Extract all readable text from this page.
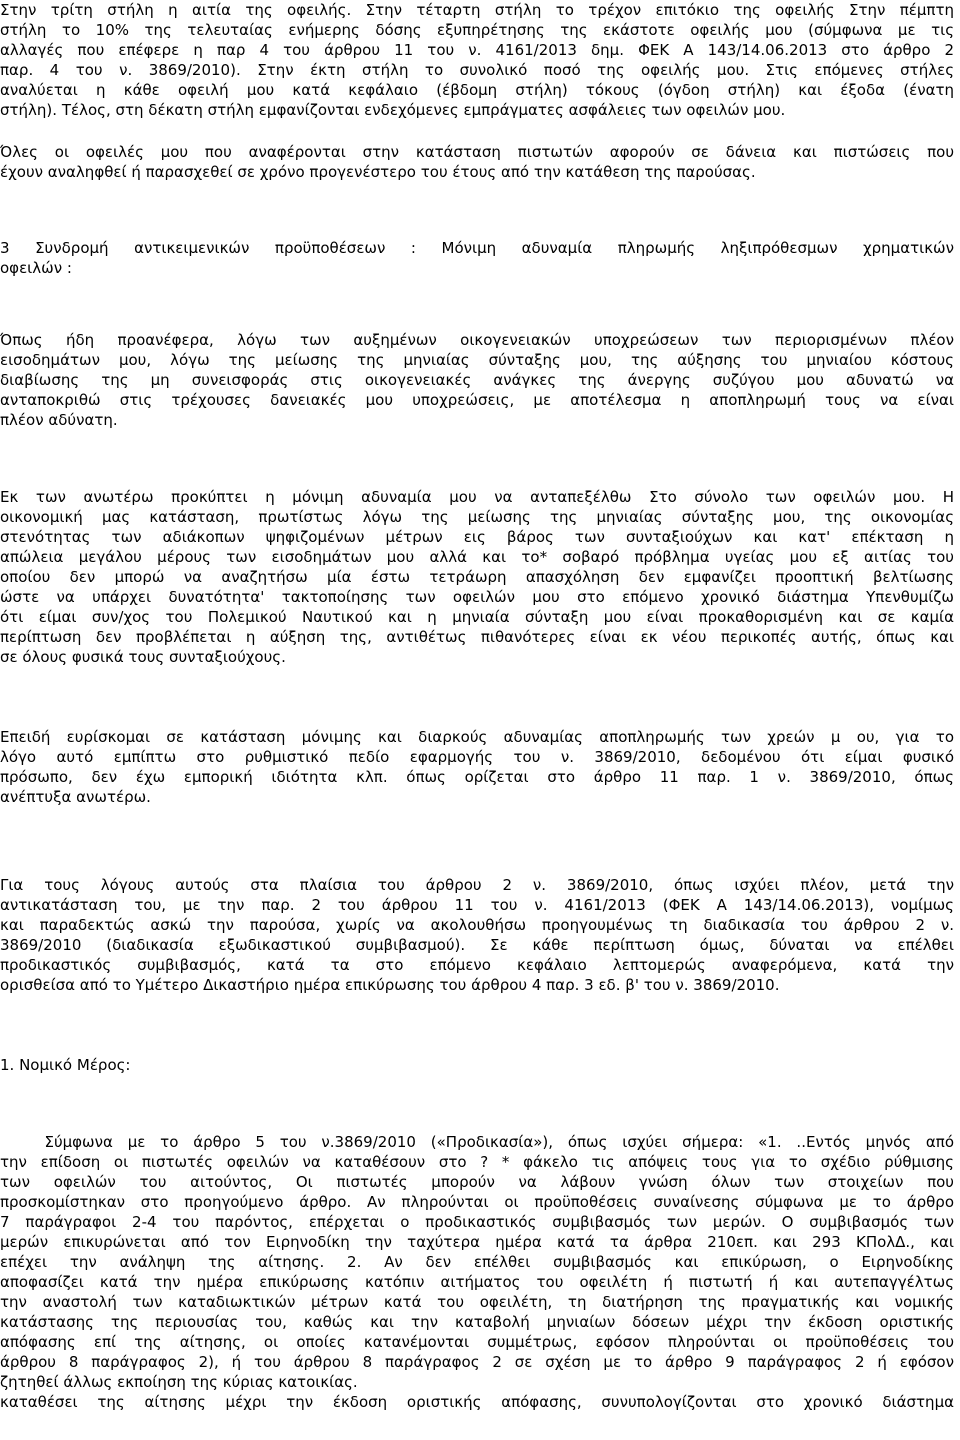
Στην τρίτη στήλη η αιτία της οφειλής. Στην τέταρτη στήλη το τρέχον επιτόκιο της οφειλής Στην πέμπτη
στήλη το 10% της τελευταίας ενήμερης δόσης εξυπηρέτησης της εκάστοτε οφειλής μου (σύμφωνα με τις
αλλαγές που επέφερε η παρ 4 του άρθρου 11 του ν. 4161/2013 δημ. ΦΕΚ Α 143/14.06.2013 στο άρθρο 2
παρ. 4 του ν. 3869/2010). Στην έκτη στήλη το συνολικό ποσό της οφειλής μου. Στις επόμενες στήλες
αναλύεται η κάθε οφειλή μου κατά κεφάλαιο (έβδομη στήλη) τόκους (όγδοη στήλη) και έξοδα (ένατη
στήλη). Τέλος, στη δέκατη στήλη εμφανίζονται ενδεχόμενες εμπράγματες ασφάλειες των οφειλών μου.
Όλες οι οφειλές μου που αναφέρονται στην κατάσταση πιστωτών αφορούν σε δάνεια και πιστώσεις που
έχουν αναληφθεί ή παρασχεθεί σε χρόνο προγενέστερο του έτους από την κατάθεση της παρούσας.
3 Συνδρομή αντικειμενικών προϋποθέσεων : Μόνιμη αδυναμία πληρωμής ληξιπρόθεσμων χρηματικών
οφειλών :
Όπως ήδη προανέφερα, λόγω των αυξημένων οικογενειακών υποχρεώσεων των περιορισμένων πλέον
εισοδημάτων μου, λόγω της μείωσης της μηνιαίας σύνταξης μου, της αύξησης του μηνιαίου κόστους
διαβίωσης της μη συνεισφοράς στις οικογενειακές ανάγκες της άνεργης συζύγου μου αδυνατώ να
ανταποκριθώ στις τρέχουσες δανειακές μου υποχρεώσεις, με αποτέλεσμα η αποπληρωμή τους να είναι
πλέον αδύνατη.
Εκ των ανωτέρω προκύπτει η μόνιμη αδυναμία μου να ανταπεξέλθω Στο σύνολο των οφειλών μου. Η
οικονομική μας κατάσταση, πρωτίστως λόγω της μείωσης της μηνιαίας σύνταξης μου, της οικονομίας
στενότητας των αδιάκοπων ψηφιζομένων μέτρων εις βάρος των συνταξιούχων και κατ' επέκταση η
απώλεια μεγάλου μέρους των εισοδημάτων μου αλλά και το* σοβαρό πρόβλημα υγείας μου εξ αιτίας του
οποίου δεν μπορώ να αναζητήσω μία έστω τετράωρη απασχόληση δεν εμφανίζει προοπτική βελτίωσης
ώστε να υπάρχει δυνατότητα' τακτοποίησης των οφειλών μου στο επόμενο χρονικό διάστημα Υπενθυμίζω
ότι είμαι συν/χος του Πολεμικού Ναυτικού και η μηνιαία σύνταξη μου είναι προκαθορισμένη και σε καμία
περίπτωση δεν προβλέπεται η αύξηση της, αντιθέτως πιθανότερες είναι εκ νέου περικοπές αυτής, όπως και
σε όλους φυσικά τους συνταξιούχους.
Επειδή ευρίσκομαι σε κατάσταση μόνιμης και διαρκούς αδυναμίας αποπληρωμής των χρεών μ ου, για το
λόγο αυτό εμπίπτω στο ρυθμιστικό πεδίο εφαρμογής του ν. 3869/2010, δεδομένου ότι είμαι φυσικό
πρόσωπο, δεν έχω εμπορική ιδιότητα κλπ. όπως ορίζεται στο άρθρο 11 παρ. 1 ν. 3869/2010, όπως
ανέπτυξα ανωτέρω.
Για τους λόγους αυτούς στα πλαίσια του άρθρου 2 ν. 3869/2010, όπως ισχύει πλέον, μετά την
αντικατάσταση του, με την παρ. 2 του άρθρου 11 του ν. 4161/2013 (ΦΕΚ Α 143/14.06.2013), νομίμως
και παραδεκτώς ασκώ την παρούσα, χωρίς να ακολουθήσω προηγουμένως τη διαδικασία του άρθρου 2 ν.
3869/2010 (διαδικασία εξωδικαστικού συμβιβασμού). Σε κάθε περίπτωση όμως, δύναται να επέλθει
προδικαστικός συμβιβασμός, κατά τα στο επόμενο κεφάλαιο λεπτομερώς αναφερόμενα, κατά την
ορισθείσα από το Υμέτερο Δικαστήριο ημέρα επικύρωσης του άρθρου 4 παρ. 3 εδ. β' του ν. 3869/2010.
1. Νομικό Μέρος:
Σύμφωνα με το άρθρο 5 του ν.3869/2010 («Προδικασία»), όπως ισχύει σήμερα: «1. ..Εντός μηνός από
την επίδοση οι πιστωτές οφειλών να καταθέσουν στο ? * φάκελο τις απόψεις τους για το σχέδιο ρύθμισης
των οφειλών του αιτούντος, Οι πιστωτές μπορούν να λάβουν γνώση όλων των στοιχείων που
προσκομίστηκαν στο προηγούμενο άρθρο. Αν πληρούνται οι προϋποθέσεις συναίνεσης σύμφωνα με το άρθρο
7 παράγραφοι 2-4 του παρόντος, επέρχεται ο προδικαστικός συμβιβασμός των μερών. Ο συμβιβασμός των
μερών επικυρώνεται από τον Ειρηνοδίκη την ταχύτερα ημέρα κατά τα άρθρα 210επ. και 293 ΚΠολΔ., και
επέχει την ανάληψη της αίτησης. 2. Αν δεν επέλθει συμβιβασμός και επικύρωση, ο Ειρηνοδίκης
αποφασίζει κατά την ημέρα επικύρωσης κατόπιν αιτήματος του οφειλέτη ή πιστωτή ή και αυτεπαγγέλτως
την αναστολή των καταδιωκτικών μέτρων κατά του οφειλέτη, τη διατήρηση της πραγματικής και νομικής
κατάστασης της περιουσίας του, καθώς και την καταβολή μηνιαίων δόσεων μέχρι την έκδοση οριστικής
απόφασης επί της αίτησης, οι οποίες κατανέμονται συμμέτρως, εφόσον πληρούνται οι προϋποθέσεις του
άρθρου 8 παράγραφος 2), ή του άρθρου 8 παράγραφος 2 σε σχέση με το άρθρο 9 παράγραφος 2 ή εφόσον
ζητηθεί άλλως εκποίηση της κύριας κατοικίας.
καταθέσει της αίτησης μέχρι την έκδοση οριστικής απόφασης, συνυπολογίζονται στο χρονικό διάστημα
